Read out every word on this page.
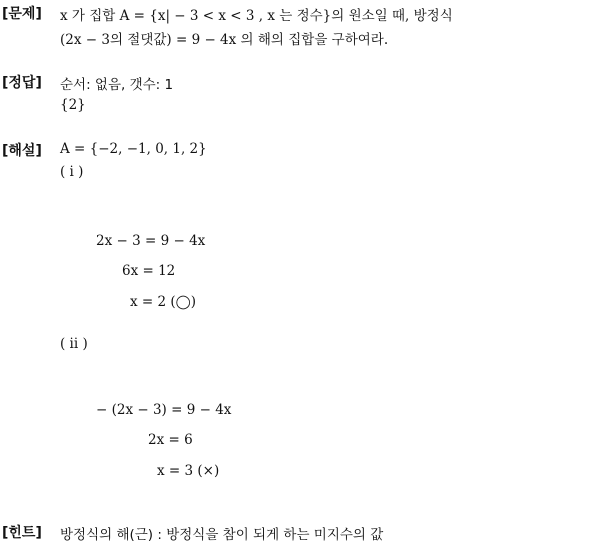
[문제] x 가 집합 A = {x| − 3 < x < 3 , x 는 정수}의 원소일 때, 방정식
(2x − 3의 절댓값) = 9 − 4x 의 해의 집합을 구하여라.
[정답] 순서: 없음, 갯수: 1
{2}
[해설] A = {−2, −1, 0, 1, 2}
( i )
2x − 3 = 9 − 4x
6x = 12
x = 2 (◯)
( ii )
− (2x − 3) = 9 − 4x
2x = 6
x = 3 (×)
[힌트] 방정식의 해(근) : 방정식을 참이 되게 하는 미지수의 값
